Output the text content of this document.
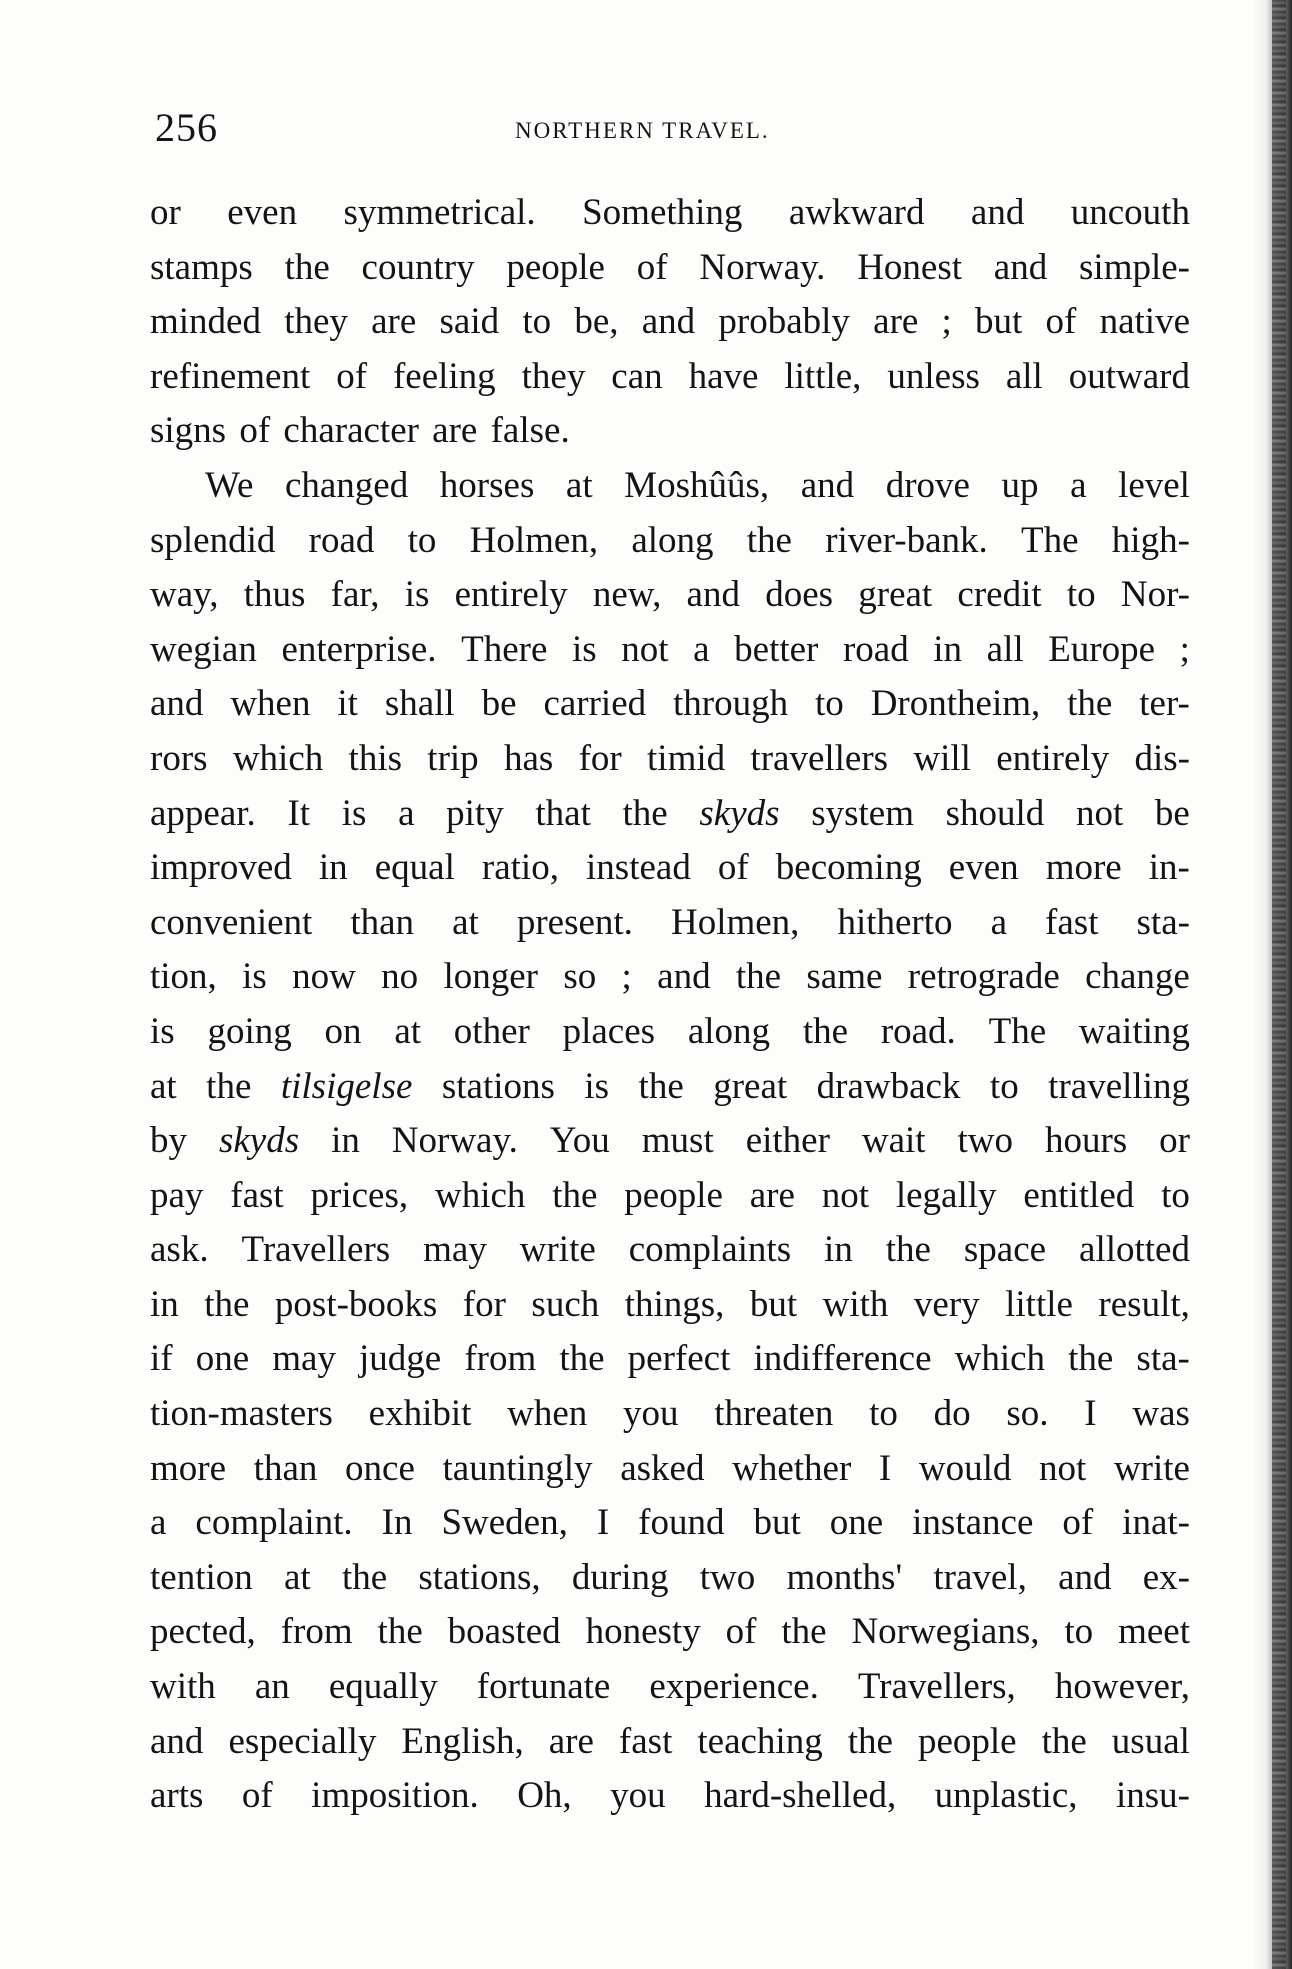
256	NORTHERN TRAVEL.
or even symmetrical. Something awkward and uncouth
stamps the country people of Norway. Honest and simple-
minded they are said to be, and probably are ; but of native
refinement of feeling they can have little, unless all outward
signs of character are false.
We changed horses at Moshûûs, and drove up a level
splendid road to Holmen, along the river-bank. The high-
way, thus far, is entirely new, and does great credit to Nor-
wegian enterprise. There is not a better road in all Europe ;
and when it shall be carried through to Drontheim, the ter-
rors which this trip has for timid travellers will entirely dis-
appear. It is a pity that the skyds system should not be
improved in equal ratio, instead of becoming even more in-
convenient than at present. Holmen, hitherto a fast sta-
tion, is now no longer so ; and the same retrograde change
is going on at other places along the road. The waiting
at the tilsigelse stations is the great drawback to travelling
by skyds in Norway. You must either wait two hours or
pay fast prices, which the people are not legally entitled to
ask. Travellers may write complaints in the space allotted
in the post-books for such things, but with very little result,
if one may judge from the perfect indifference which the sta-
tion-masters exhibit when you threaten to do so. I was
more than once tauntingly asked whether I would not write
a complaint. In Sweden, I found but one instance of inat-
tention at the stations, during two months' travel, and ex-
pected, from the boasted honesty of the Norwegians, to meet
with an equally fortunate experience. Travellers, however,
and especially English, are fast teaching the people the usual
arts of imposition. Oh, you hard-shelled, unplastic, insu-
